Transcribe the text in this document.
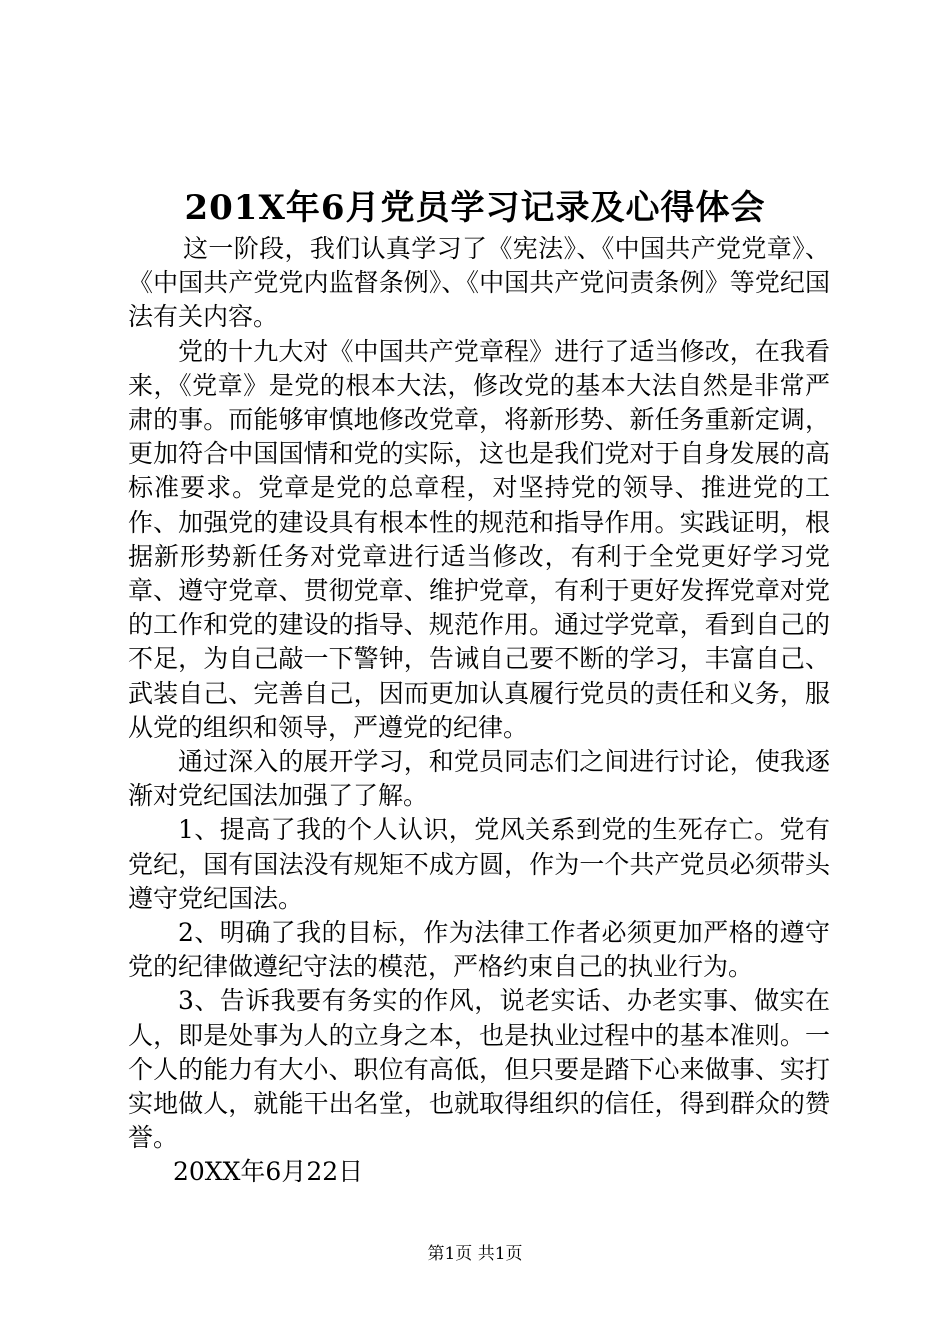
201X年6月党员学习记录及心得体会

这一阶段，我们认真学习了《宪法》、《中国共产党党章》、《中国共产党党内监督条例》、《中国共产党问责条例》等党纪国法有关内容。

党的十九大对《中国共产党章程》进行了适当修改，在我看来，《党章》是党的根本大法，修改党的基本大法自然是非常严肃的事。而能够审慎地修改党章，将新形势、新任务重新定调，更加符合中国国情和党的实际，这也是我们党对于自身发展的高标准要求。党章是党的总章程，对坚持党的领导、推进党的工作、加强党的建设具有根本性的规范和指导作用。实践证明，根据新形势新任务对党章进行适当修改，有利于全党更好学习党章、遵守党章、贯彻党章、维护党章，有利于更好发挥党章对党的工作和党的建设的指导、规范作用。通过学党章，看到自己的不足，为自己敲一下警钟，告诫自己要不断的学习，丰富自己、武装自己、完善自己，因而更加认真履行党员的责任和义务，服从党的组织和领导，严遵党的纪律。

通过深入的展开学习，和党员同志们之间进行讨论，使我逐渐对党纪国法加强了了解。

1、提高了我的个人认识，党风关系到党的生死存亡。党有党纪，国有国法没有规矩不成方圆，作为一个共产党员必须带头遵守党纪国法。

2、明确了我的目标，作为法律工作者必须更加严格的遵守党的纪律做遵纪守法的模范，严格约束自己的执业行为。

3、告诉我要有务实的作风，说老实话、办老实事、做实在人，即是处事为人的立身之本，也是执业过程中的基本准则。一个人的能力有大小、职位有高低，但只要是踏下心来做事、实打实地做人，就能干出名堂，也就取得组织的信任，得到群众的赞誉。

20XX年6月22日

第1页 共1页
